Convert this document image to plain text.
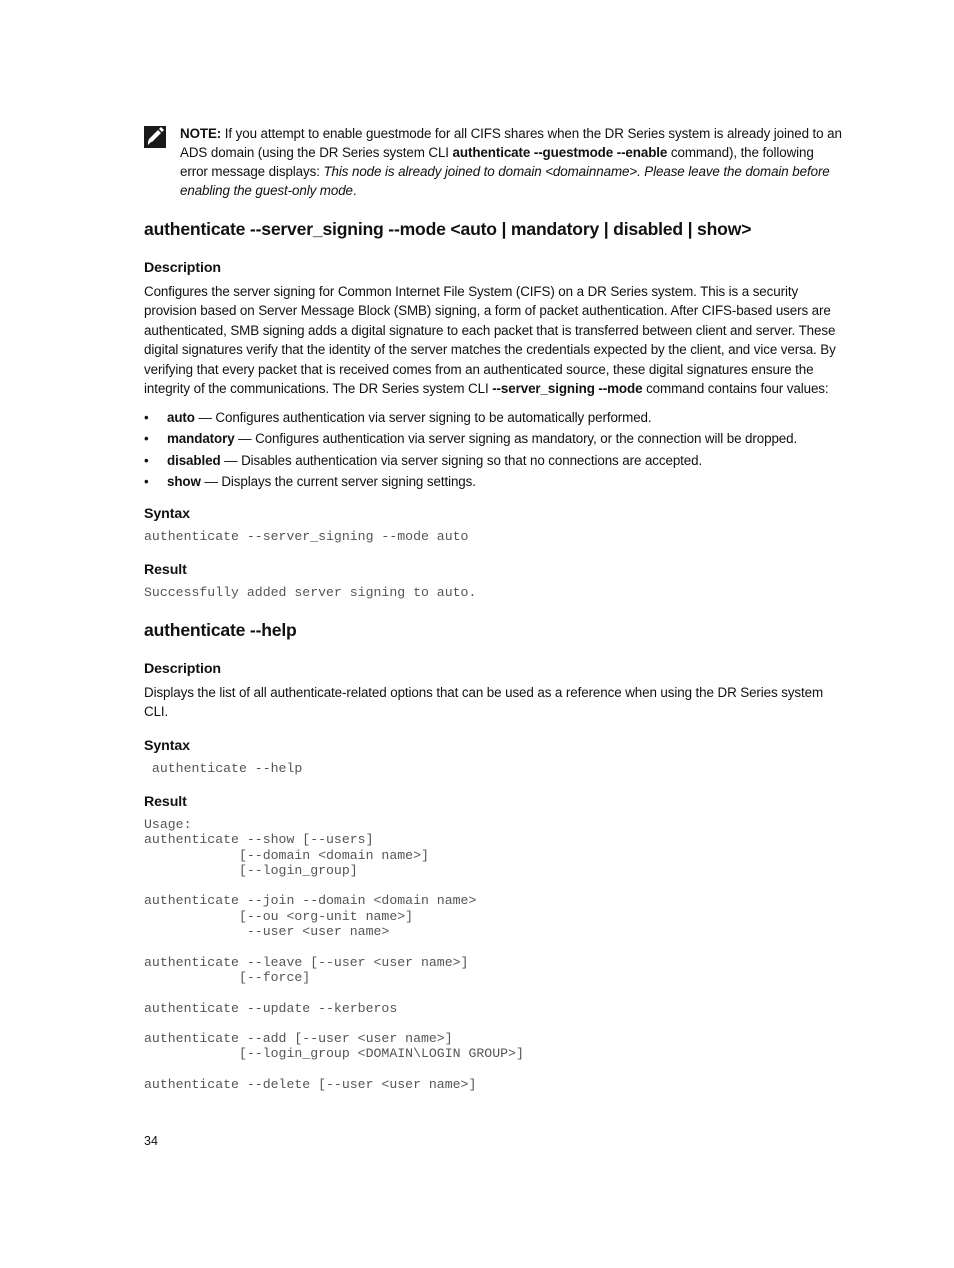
NOTE: If you attempt to enable guestmode for all CIFS shares when the DR Series system is already joined to an ADS domain (using the DR Series system CLI authenticate --guestmode --enable command), the following error message displays: This node is already joined to domain <domainname>. Please leave the domain before enabling the guest-only mode.
authenticate --server_signing --mode <auto | mandatory | disabled | show>
Description

Configures the server signing for Common Internet File System (CIFS) on a DR Series system. This is a security provision based on Server Message Block (SMB) signing, a form of packet authentication. After CIFS-based users are authenticated, SMB signing adds a digital signature to each packet that is transferred between client and server. These digital signatures verify that the identity of the server matches the credentials expected by the client, and vice versa. By verifying that every packet that is received comes from an authenticated source, these digital signatures ensure the integrity of the communications. The DR Series system CLI --server_signing --mode command contains four values:

• auto — Configures authentication via server signing to be automatically performed.
• mandatory — Configures authentication via server signing as mandatory, or the connection will be dropped.
• disabled — Disables authentication via server signing so that no connections are accepted.
• show — Displays the current server signing settings.
Syntax
authenticate --server_signing --mode auto
Result
Successfully added server signing to auto.
authenticate --help
Description

Displays the list of all authenticate-related options that can be used as a reference when using the DR Series system CLI.

Syntax
authenticate --help
Result
Usage:
authenticate --show [--users]
[--domain <domain name>]
[--login_group]

authenticate --join --domain <domain name>
[--ou <org-unit name>]
--user <user name>

authenticate --leave [--user <user name>]
[--force]

authenticate --update --kerberos

authenticate --add [--user <user name>]
[--login_group <DOMAIN\LOGIN GROUP>]

authenticate --delete [--user <user name>]
34
